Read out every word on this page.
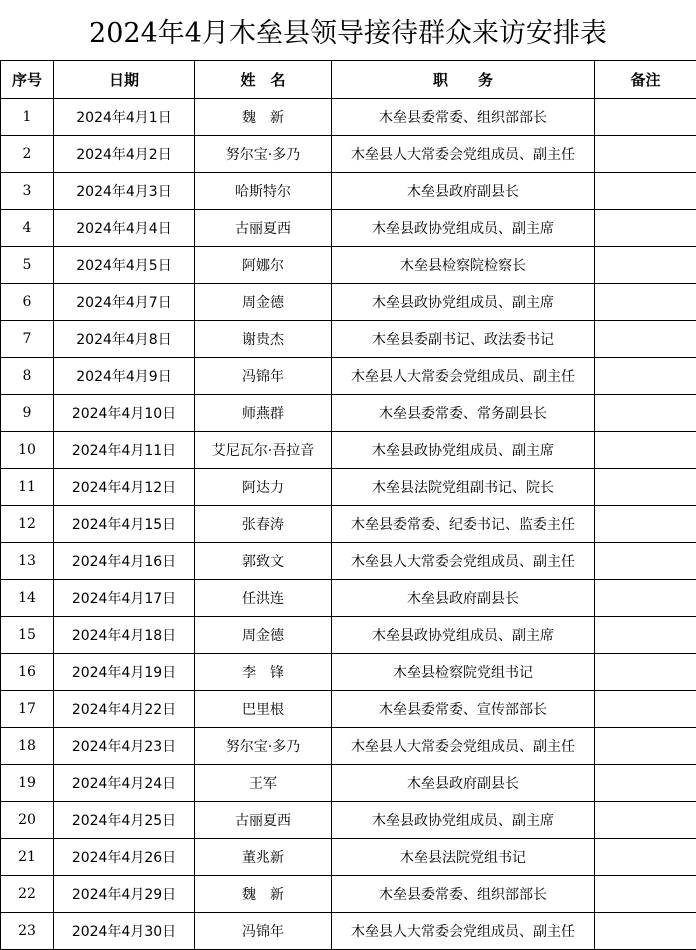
2024年4月木垒县领导接待群众来访安排表
序号	日期	姓　名	职　　务	备注
1	2024年4月1日	魏　新	木垒县委常委、组织部部长	
2	2024年4月2日	努尔宝·多乃	木垒县人大常委会党组成员、副主任	
3	2024年4月3日	哈斯特尔	木垒县政府副县长	
4	2024年4月4日	古丽夏西	木垒县政协党组成员、副主席	
5	2024年4月5日	阿娜尔	木垒县检察院检察长	
6	2024年4月7日	周金德	木垒县政协党组成员、副主席	
7	2024年4月8日	谢贵杰	木垒县委副书记、政法委书记	
8	2024年4月9日	冯锦年	木垒县人大常委会党组成员、副主任	
9	2024年4月10日	师燕群	木垒县委常委、常务副县长	
10	2024年4月11日	艾尼瓦尔·吾拉音	木垒县政协党组成员、副主席	
11	2024年4月12日	阿达力	木垒县法院党组副书记、院长	
12	2024年4月15日	张春涛	木垒县委常委、纪委书记、监委主任	
13	2024年4月16日	郭致文	木垒县人大常委会党组成员、副主任	
14	2024年4月17日	任洪连	木垒县政府副县长	
15	2024年4月18日	周金德	木垒县政协党组成员、副主席	
16	2024年4月19日	李　锋	木垒县检察院党组书记	
17	2024年4月22日	巴里根	木垒县委常委、宣传部部长	
18	2024年4月23日	努尔宝·多乃	木垒县人大常委会党组成员、副主任	
19	2024年4月24日	王军	木垒县政府副县长	
20	2024年4月25日	古丽夏西	木垒县政协党组成员、副主席	
21	2024年4月26日	董兆新	木垒县法院党组书记	
22	2024年4月29日	魏　新	木垒县委常委、组织部部长	
23	2024年4月30日	冯锦年	木垒县人大常委会党组成员、副主任	
